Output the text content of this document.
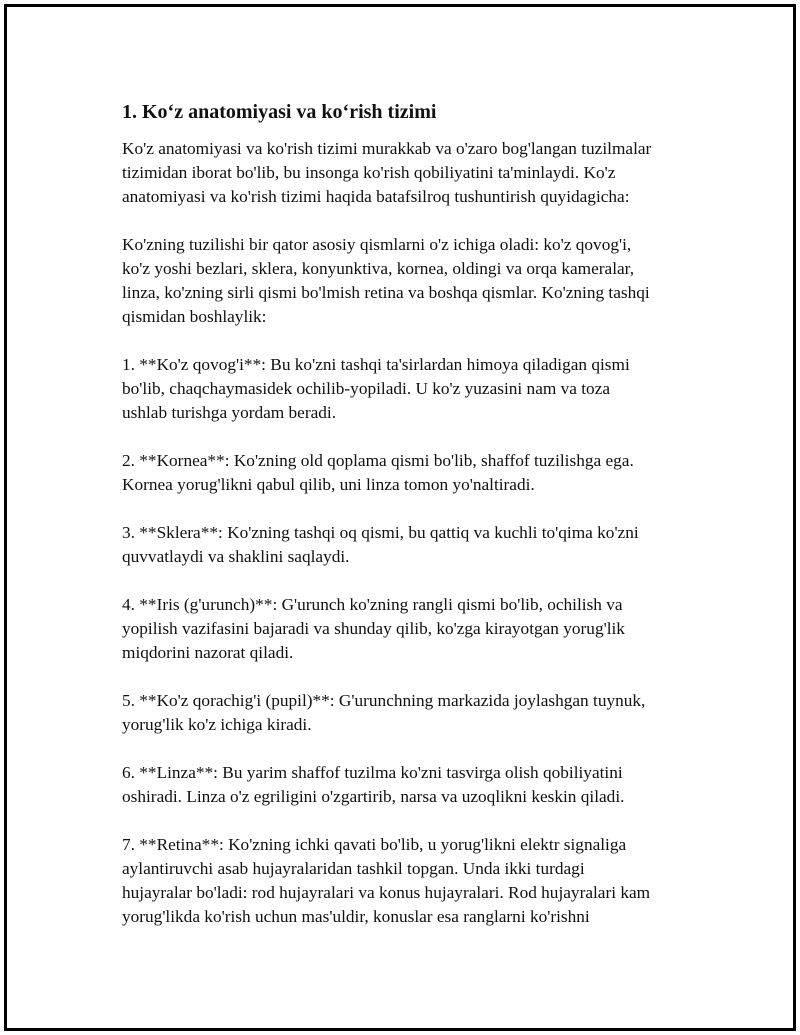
1. Ko‘z anatomiyasi va ko‘rish tizimi

Ko'z anatomiyasi va ko'rish tizimi murakkab va o'zaro bog'langan tuzilmalar
tizimidan iborat bo'lib, bu insonga ko'rish qobiliyatini ta'minlaydi. Ko'z
anatomiyasi va ko'rish tizimi haqida batafsilroq tushuntirish quyidagicha:

Ko'zning tuzilishi bir qator asosiy qismlarni o'z ichiga oladi: ko'z qovog'i,
ko'z yoshi bezlari, sklera, konyunktiva, kornea, oldingi va orqa kameralar,
linza, ko'zning sirli qismi bo'lmish retina va boshqa qismlar. Ko'zning tashqi
qismidan boshlaylik:

1. **Ko'z qovog'i**: Bu ko'zni tashqi ta'sirlardan himoya qiladigan qismi
bo'lib, chaqchaymasidek ochilib-yopiladi. U ko'z yuzasini nam va toza
ushlab turishga yordam beradi.

2. **Kornea**: Ko'zning old qoplama qismi bo'lib, shaffof tuzilishga ega.
Kornea yorug'likni qabul qilib, uni linza tomon yo'naltiradi.

3. **Sklera**: Ko'zning tashqi oq qismi, bu qattiq va kuchli to'qima ko'zni
quvvatlaydi va shaklini saqlaydi.

4. **Iris (g'urunch)**: G'urunch ko'zning rangli qismi bo'lib, ochilish va
yopilish vazifasini bajaradi va shunday qilib, ko'zga kirayotgan yorug'lik
miqdorini nazorat qiladi.

5. **Ko'z qorachig'i (pupil)**: G'urunchning markazida joylashgan tuynuk,
yorug'lik ko'z ichiga kiradi.

6. **Linza**: Bu yarim shaffof tuzilma ko'zni tasvirga olish qobiliyatini
oshiradi. Linza o'z egriligini o'zgartirib, narsa va uzoqlikni keskin qiladi.

7. **Retina**: Ko'zning ichki qavati bo'lib, u yorug'likni elektr signaliga
aylantiruvchi asab hujayralaridan tashkil topgan. Unda ikki turdagi
hujayralar bo'ladi: rod hujayralari va konus hujayralari. Rod hujayralari kam
yorug'likda ko'rish uchun mas'uldir, konuslar esa ranglarni ko'rishni
